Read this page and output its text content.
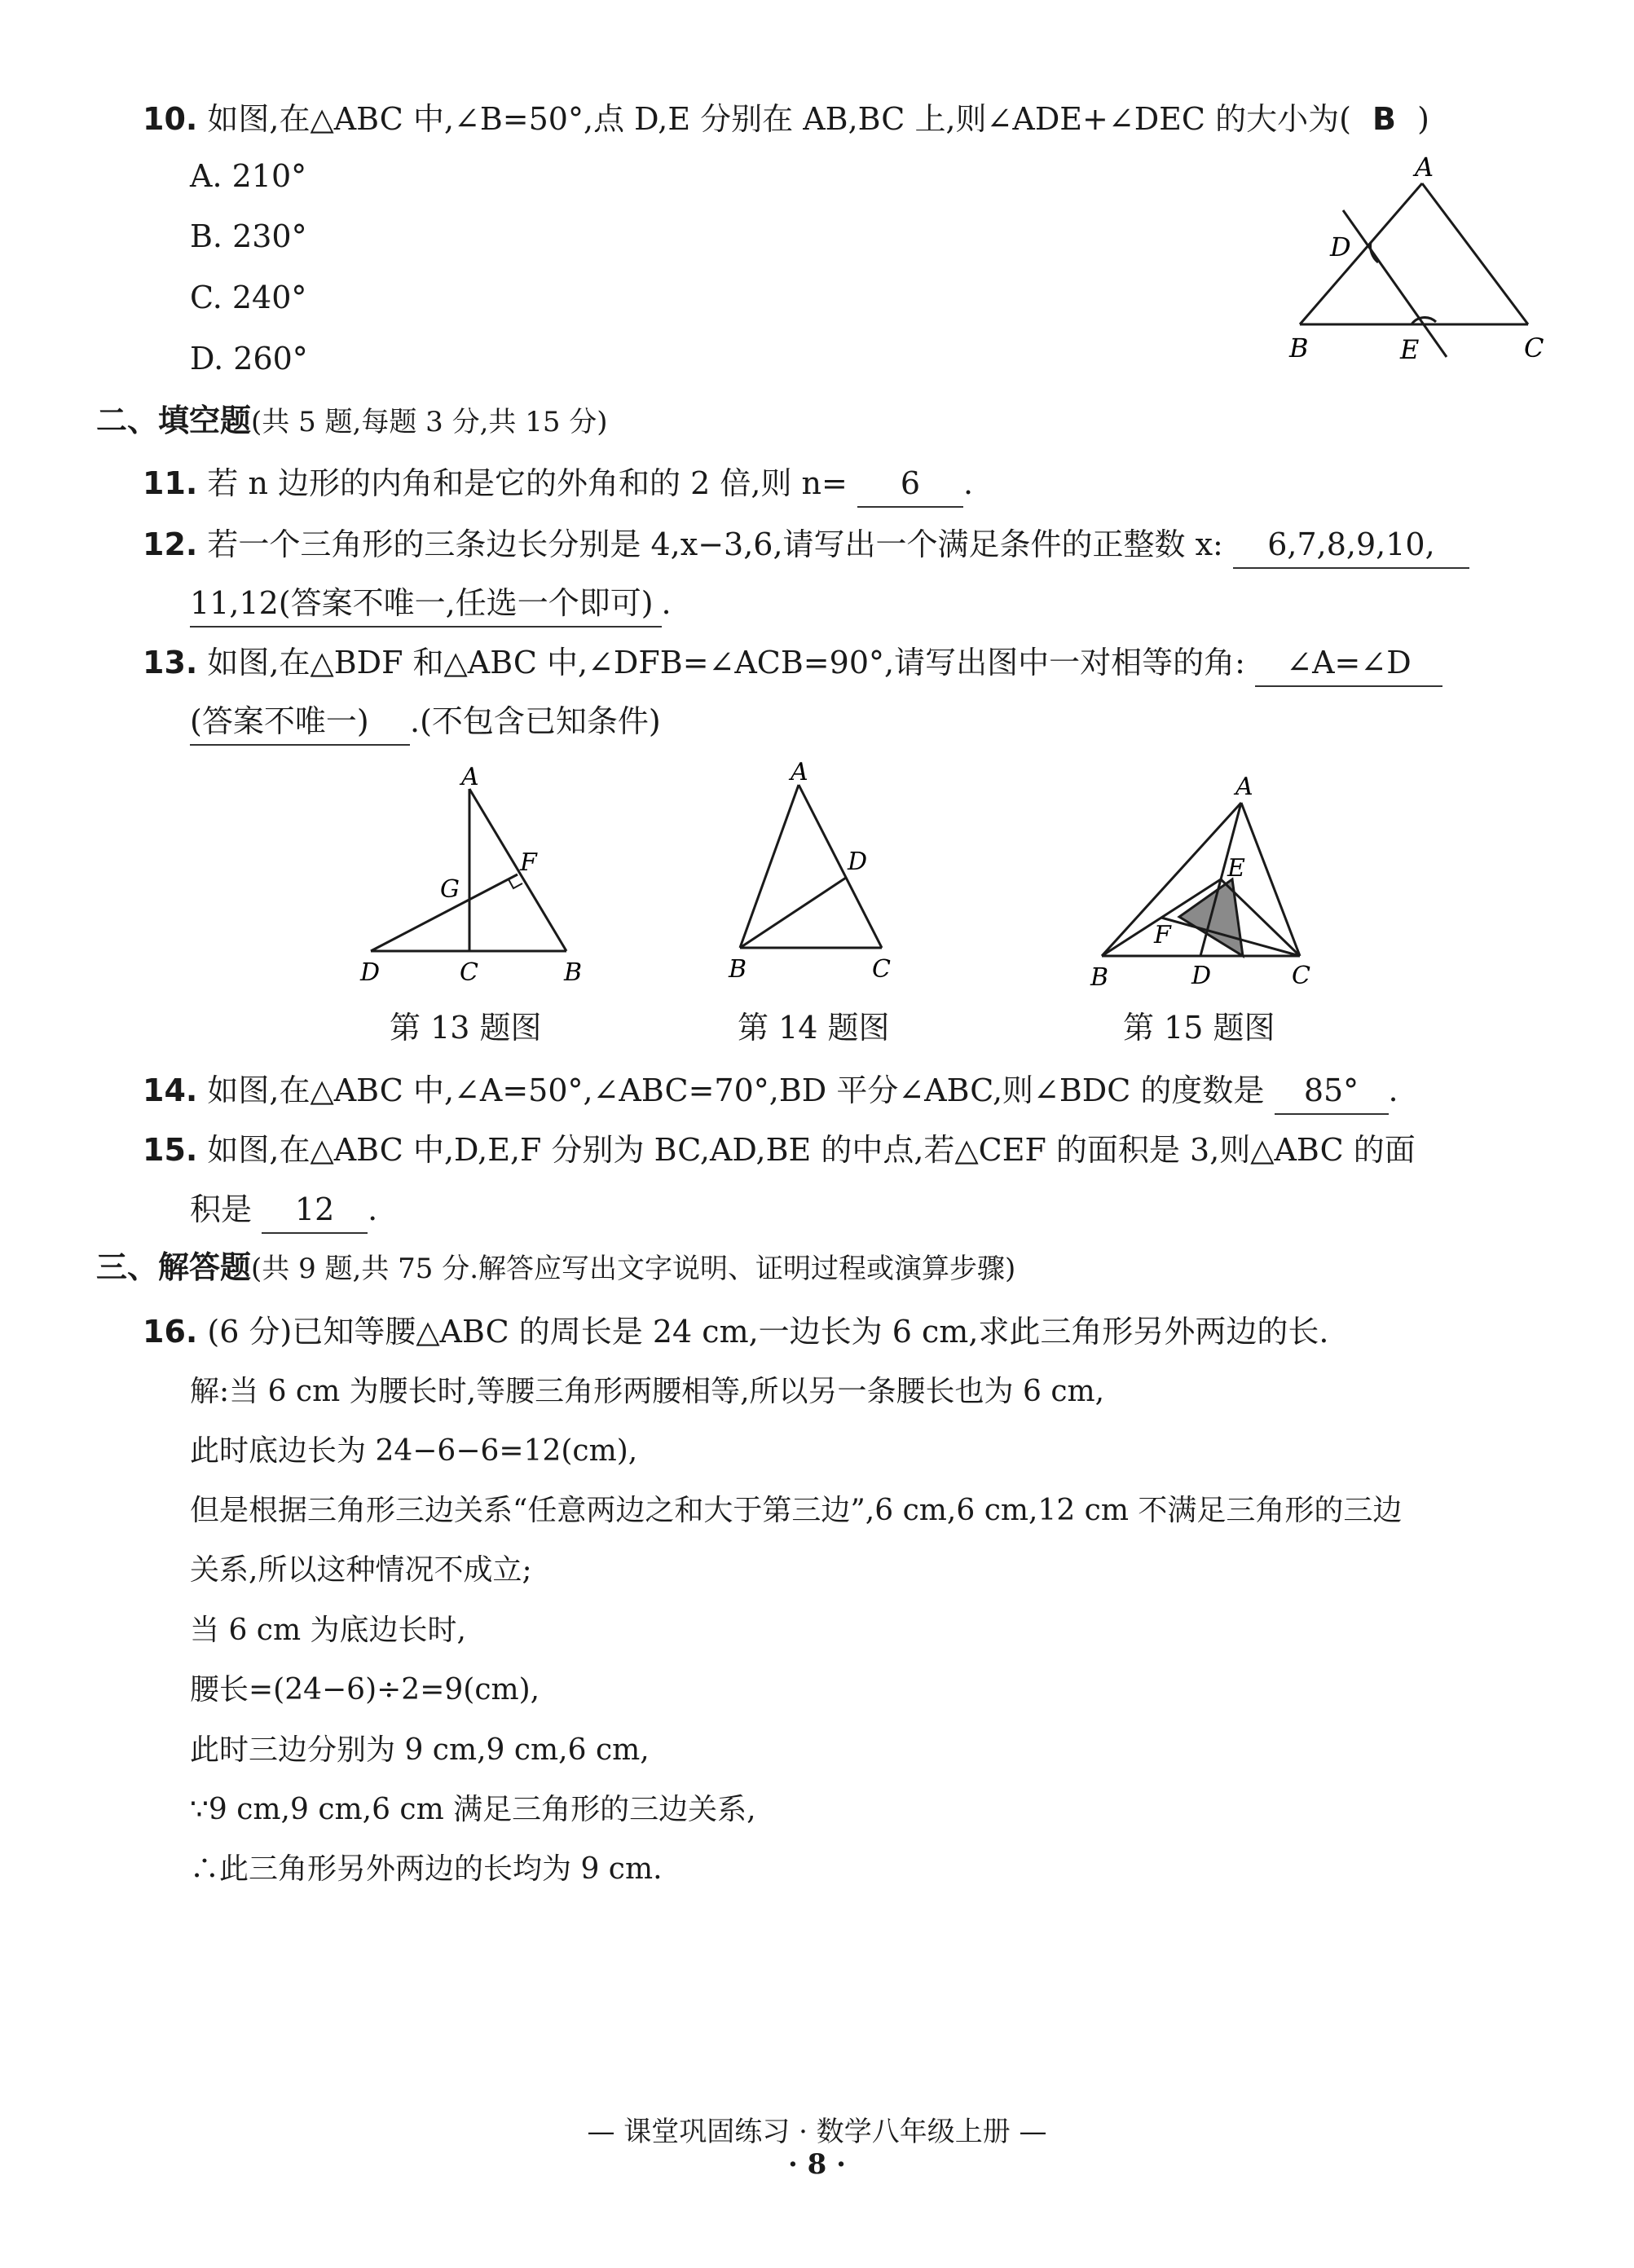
10. 如图,在△ABC 中,∠B=50°,点 D,E 分别在 AB,BC 上,则∠ADE+∠DEC 的大小为( B )
A. 210°
B. 230°
C. 240°
D. 260°
A
D
B	E	C
二、填空题(共 5 题,每题 3 分,共 15 分)
11. 若 n 边形的内角和是它的外角和的 2 倍,则 n= 6 .
12. 若一个三角形的三条边长分别是 4,x−3,6,请写出一个满足条件的正整数 x: 6,7,8,9,10,
11,12(答案不唯一,任选一个即可) .
13. 如图,在△BDF 和△ABC 中,∠DFB=∠ACB=90°,请写出图中一对相等的角: ∠A=∠D
(答案不唯一) .(不包含已知条件)
A
F
G
D	C	B
第 13 题图
A
D
B	C
第 14 题图
A
E
F
B	D	C
第 15 题图
14. 如图,在△ABC 中,∠A=50°,∠ABC=70°,BD 平分∠ABC,则∠BDC 的度数是 85° .
15. 如图,在△ABC 中,D,E,F 分别为 BC,AD,BE 的中点,若△CEF 的面积是 3,则△ABC 的面
积是 12 .
三、解答题(共 9 题,共 75 分.解答应写出文字说明、证明过程或演算步骤)
16. (6 分)已知等腰△ABC 的周长是 24 cm,一边长为 6 cm,求此三角形另外两边的长.
解:当 6 cm 为腰长时,等腰三角形两腰相等,所以另一条腰长也为 6 cm,
此时底边长为 24−6−6=12(cm),
但是根据三角形三边关系“任意两边之和大于第三边”,6 cm,6 cm,12 cm 不满足三角形的三边
关系,所以这种情况不成立;
当 6 cm 为底边长时,
腰长=(24−6)÷2=9(cm),
此时三边分别为 9 cm,9 cm,6 cm,
∵9 cm,9 cm,6 cm 满足三角形的三边关系,
∴此三角形另外两边的长均为 9 cm.
— 课堂巩固练习 · 数学八年级上册 —
· 8 ·
